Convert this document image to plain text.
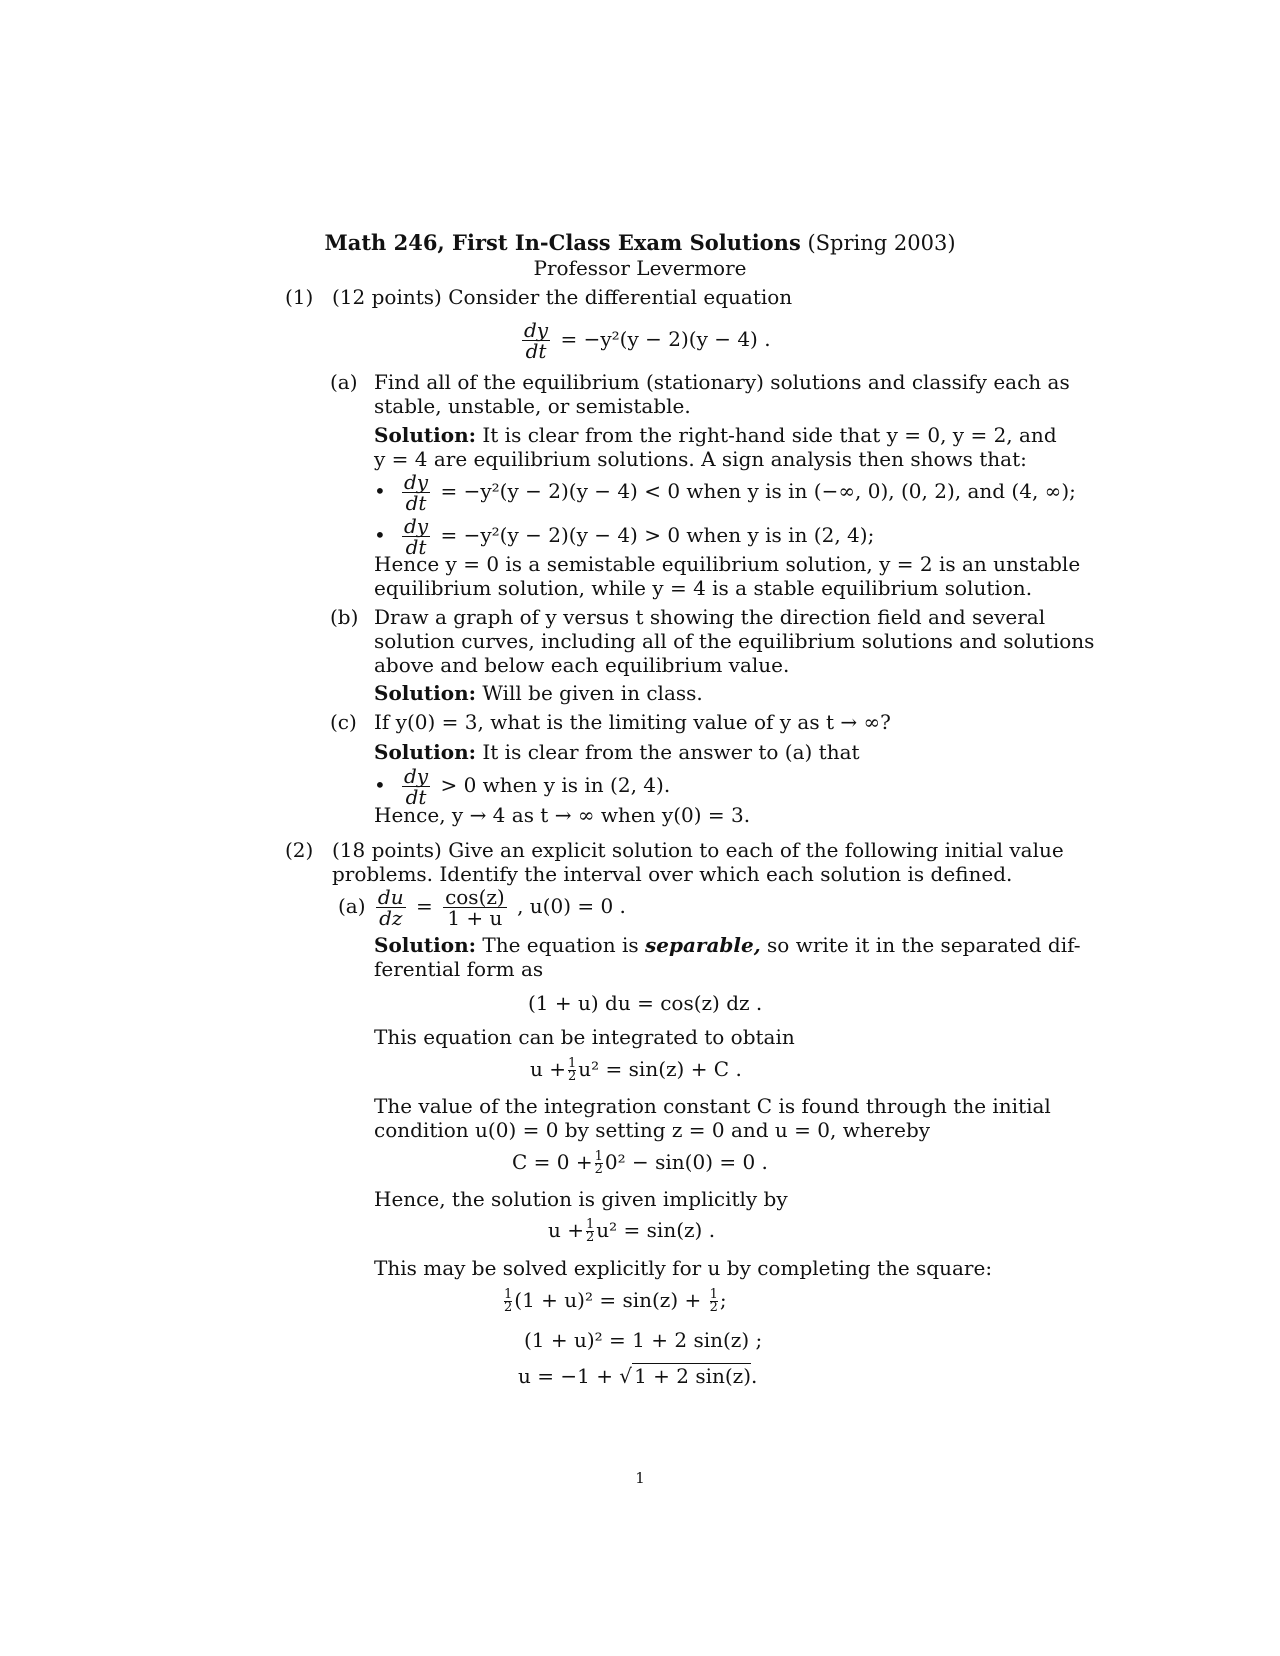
Math 246, First In-Class Exam Solutions (Spring 2003)
Professor Levermore
(1) (12 points) Consider the differential equation
$\frac{dy}{dt} = -y^2(y - 2)(y - 4)$ .
(a) Find all of the equilibrium (stationary) solutions and classify each as
stable, unstable, or semistable.
Solution: It is clear from the right-hand side that y = 0, y = 2, and
y = 4 are equilibrium solutions. A sign analysis then shows that:
• $\frac{dy}{dt} = -y^2(y - 2)(y - 4) < 0$ when y is in (−∞, 0), (0, 2), and (4, ∞);
• $\frac{dy}{dt} = -y^2(y - 2)(y - 4) > 0$ when y is in (2, 4);
Hence y = 0 is a semistable equilibrium solution, y = 2 is an unstable
equilibrium solution, while y = 4 is a stable equilibrium solution.
(b) Draw a graph of y versus t showing the direction field and several
solution curves, including all of the equilibrium solutions and solutions
above and below each equilibrium value.
Solution: Will be given in class.
(c) If y(0) = 3, what is the limiting value of y as t → ∞?
Solution: It is clear from the answer to (a) that
• $\frac{dy}{dt} > 0$ when y is in (2, 4).
Hence, y → 4 as t → ∞ when y(0) = 3.
(2) (18 points) Give an explicit solution to each of the following initial value
problems. Identify the interval over which each solution is defined.
$(a) \frac{du}{dz} = \frac{\cos(z)}{1 + u}$ , u(0) = 0 .
Solution: The equation is separable, so write it in the separated dif-
ferential form as
(1 + u) du = cos(z) dz .
This equation can be integrated to obtain
$u + \frac{1}{2} u^2 = \sin(z) + C$ .
The value of the integration constant C is found through the initial
condition u(0) = 0 by setting z = 0 and u = 0, whereby
$C = 0 + \frac{1}{2} 0^2 - \sin(0) = 0$ .
Hence, the solution is given implicitly by
$u + \frac{1}{2} u^2 = \sin(z)$ .
This may be solved explicitly for u by completing the square:
$\frac{1}{2} (1 + u)^2 = \sin(z) + \frac{1}{2}$ ;
(1 + u)² = 1 + 2 sin(z) ;
u = −1 + √ 1 + 2 sin(z).
1
